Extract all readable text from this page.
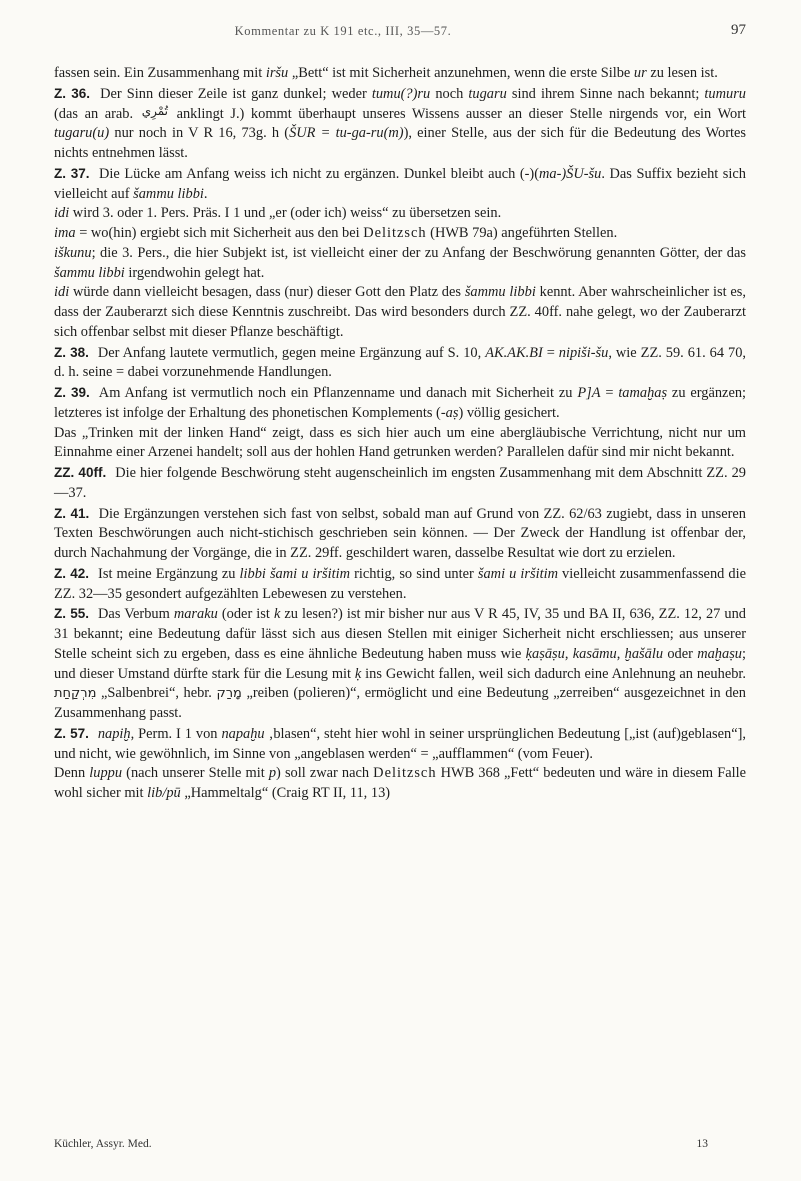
Kommentar zu K 191 etc., III, 35—57.	97

fassen sein. Ein Zusammenhang mit iršu „Bett“ ist mit Sicherheit anzunehmen, wenn die erste Silbe ur zu lesen ist.

Z. 36. Der Sinn dieser Zeile ist ganz dunkel; weder tumu(?)ru noch tugaru sind ihrem Sinne nach bekannt; tumuru (das an arab. تُمْرِي anklingt J.) kommt überhaupt unseres Wissens ausser an dieser Stelle nirgends vor, ein Wort tugaru(u) nur noch in V R 16, 73g. h (ŠUR = tu-ga-ru(m)), einer Stelle, aus der sich für die Bedeutung des Wortes nichts entnehmen lässt.

Z. 37. Die Lücke am Anfang weiss ich nicht zu ergänzen. Dunkel bleibt auch (-)(ma-)ŠU-šu. Das Suffix bezieht sich vielleicht auf šammu libbi.

idi wird 3. oder 1. Pers. Präs. I 1 und „er (oder ich) weiss“ zu übersetzen sein.

ima = wo(hin) ergiebt sich mit Sicherheit aus den bei Delitzsch (HWB 79a) angeführten Stellen.

iškunu; die 3. Pers., die hier Subjekt ist, ist vielleicht einer der zu Anfang der Beschwörung genannten Götter, der das šammu libbi irgendwohin gelegt hat.

idi würde dann vielleicht besagen, dass (nur) dieser Gott den Platz des šammu libbi kennt. Aber wahrscheinlicher ist es, dass der Zauberarzt sich diese Kenntnis zuschreibt. Das wird besonders durch ZZ. 40ff. nahe gelegt, wo der Zauberarzt sich offenbar selbst mit dieser Pflanze beschäftigt.

Z. 38. Der Anfang lautete vermutlich, gegen meine Ergänzung auf S. 10, AK.AK.BI = nipiši-šu, wie ZZ. 59. 61. 64 70, d. h. seine = dabei vorzunehmende Handlungen.

Z. 39. Am Anfang ist vermutlich noch ein Pflanzenname und danach mit Sicherheit zu P]A = tamaḫaṣ zu ergänzen; letzteres ist infolge der Erhaltung des phonetischen Komplements (-aṣ) völlig gesichert.

Das „Trinken mit der linken Hand“ zeigt, dass es sich hier auch um eine abergläubische Verrichtung, nicht nur um Einnahme einer Arzenei handelt; soll aus der hohlen Hand getrunken werden? Parallelen dafür sind mir nicht bekannt.

ZZ. 40ff. Die hier folgende Beschwörung steht augenscheinlich im engsten Zusammenhang mit dem Abschnitt ZZ. 29—37.

Z. 41. Die Ergänzungen verstehen sich fast von selbst, sobald man auf Grund von ZZ. 62/63 zugiebt, dass in unseren Texten Beschwörungen auch nicht-stichisch geschrieben sein können. — Der Zweck der Handlung ist offenbar der, durch Nachahmung der Vorgänge, die in ZZ. 29ff. geschildert waren, dasselbe Resultat wie dort zu erzielen.

Z. 42. Ist meine Ergänzung zu libbi šami u iršitim richtig, so sind unter šami u iršitim vielleicht zusammenfassend die ZZ. 32—35 gesondert aufgezählten Lebewesen zu verstehen.

Z. 55. Das Verbum maraku (oder ist k zu lesen?) ist mir bisher nur aus V R 45, IV, 35 und BA II, 636, ZZ. 12, 27 und 31 bekannt; eine Bedeutung dafür lässt sich aus diesen Stellen mit einiger Sicherheit nicht erschliessen; aus unserer Stelle scheint sich zu ergeben, dass es eine ähnliche Bedeutung haben muss wie ḳaṣāṣu, kasāmu, ḫašālu oder maḫaṣu; und dieser Umstand dürfte stark für die Lesung mit ḳ ins Gewicht fallen, weil sich dadurch eine Anlehnung an neuhebr. מִרְקַחַת „Salbenbrei“, hebr. מָרַק „reiben (polieren)“, ermöglicht und eine Bedeutung „zerreiben“ ausgezeichnet in den Zusammenhang passt.

Z. 57. napiḫ, Perm. I 1 von napaḫu ‚blasen“, steht hier wohl in seiner ursprünglichen Bedeutung [„ist (auf)geblasen“], und nicht, wie gewöhnlich, im Sinne von „angeblasen werden“ = „aufflammen“ (vom Feuer).

Denn luppu (nach unserer Stelle mit p) soll zwar nach Delitzsch HWB 368 „Fett“ bedeuten und wäre in diesem Falle wohl sicher mit lib/pū „Hammeltalg“ (Craig RT II, 11, 13)

Küchler, Assyr. Med.	13
